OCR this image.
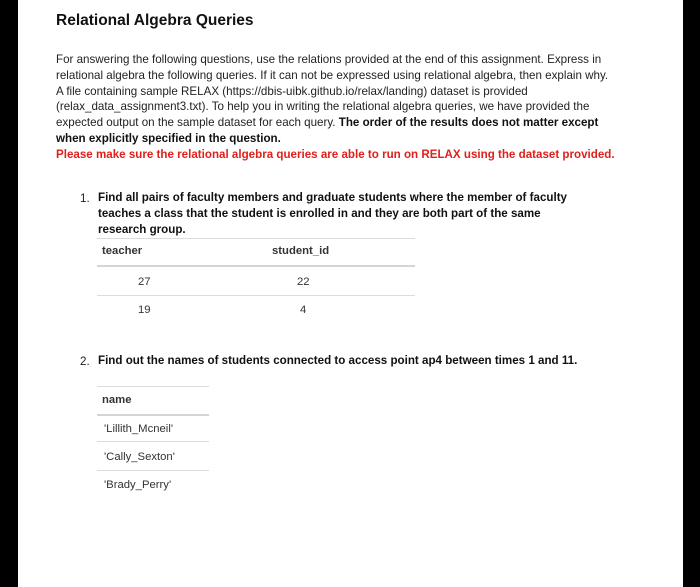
Relational Algebra Queries
For answering the following questions, use the relations provided at the end of this assignment. Express in relational algebra the following queries. If it can not be expressed using relational algebra, then explain why. A file containing sample RELAX (https://dbis-uibk.github.io/relax/landing) dataset is provided (relax_data_assignment3.txt). To help you in writing the relational algebra queries, we have provided the expected output on the sample dataset for each query. The order of the results does not matter except when explicitly specified in the question.
Please make sure the relational algebra queries are able to run on RELAX using the dataset provided.
1. Find all pairs of faculty members and graduate students where the member of faculty teaches a class that the student is enrolled in and they are both part of the same research group.
teacher	student_id
27	22
19	4
2. Find out the names of students connected to access point ap4 between times 1 and 11.
name
'Lillith_Mcneil'
'Cally_Sexton'
'Brady_Perry'
